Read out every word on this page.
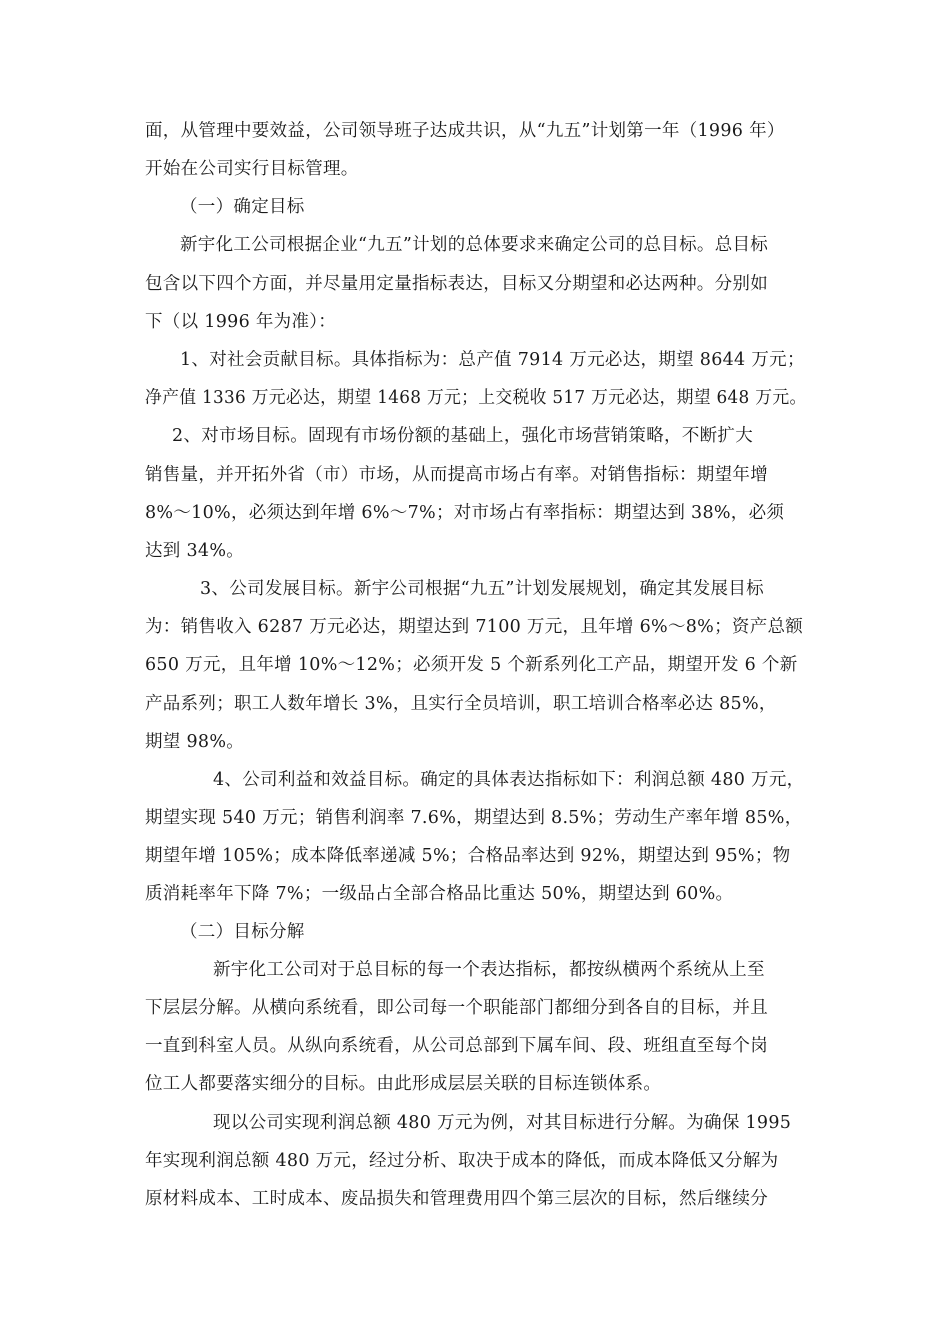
面，从管理中要效益，公司领导班子达成共识，从“九五”计划第一年（1996 年）
开始在公司实行目标管理。
（一）确定目标
新宇化工公司根据企业“九五”计划的总体要求来确定公司的总目标。总目标
包含以下四个方面，并尽量用定量指标表达，目标又分期望和必达两种。分别如
下（以 1996 年为准）：
1、对社会贡献目标。具体指标为：总产值 7914 万元必达，期望 8644 万元；
净产值 1336 万元必达，期望 1468 万元；上交税收 517 万元必达，期望 648 万元。
2、对市场目标。固现有市场份额的基础上，强化市场营销策略，不断扩大
销售量，并开拓外省（市）市场，从而提高市场占有率。对销售指标：期望年增
8%～10%，必须达到年增 6%～7%；对市场占有率指标：期望达到 38%，必须
达到 34%。
3、公司发展目标。新宇公司根据“九五”计划发展规划，确定其发展目标
为：销售收入 6287 万元必达，期望达到 7100 万元，且年增 6%～8%；资产总额
650 万元，且年增 10%～12%；必须开发 5 个新系列化工产品，期望开发 6 个新
产品系列；职工人数年增长 3%，且实行全员培训，职工培训合格率必达 85%，
期望 98%。
4、公司利益和效益目标。确定的具体表达指标如下：利润总额 480 万元，
期望实现 540 万元；销售利润率 7.6%，期望达到 8.5%；劳动生产率年增 85%，
期望年增 105%；成本降低率递减 5%；合格品率达到 92%，期望达到 95%；物
质消耗率年下降 7%；一级品占全部合格品比重达 50%，期望达到 60%。
（二）目标分解
新宇化工公司对于总目标的每一个表达指标，都按纵横两个系统从上至
下层层分解。从横向系统看，即公司每一个职能部门都细分到各自的目标，并且
一直到科室人员。从纵向系统看，从公司总部到下属车间、段、班组直至每个岗
位工人都要落实细分的目标。由此形成层层关联的目标连锁体系。
现以公司实现利润总额 480 万元为例，对其目标进行分解。为确保 1995
年实现利润总额 480 万元，经过分析、取决于成本的降低，而成本降低又分解为
原材料成本、工时成本、废品损失和管理费用四个第三层次的目标，然后继续分
